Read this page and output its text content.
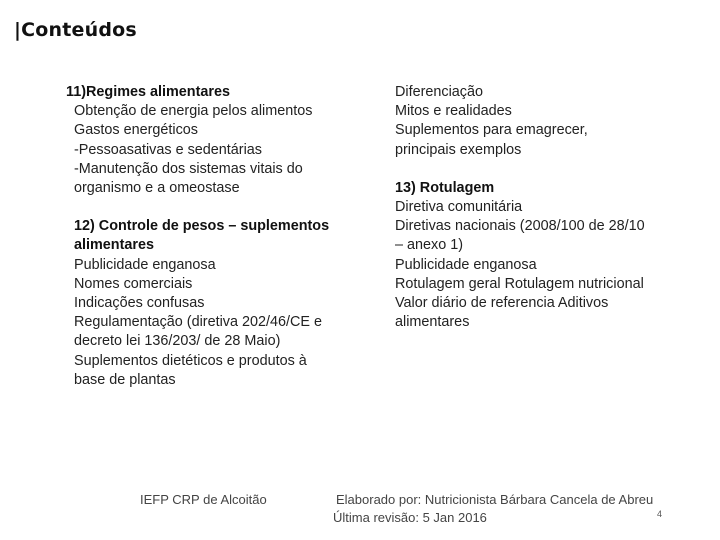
|Conteúdos
11)Regimes alimentares
Obtenção de energia pelos alimentos
Gastos energéticos
-Pessoasativas e sedentárias
-Manutenção dos sistemas vitais do
organismo e a omeostase
12) Controle de pesos – suplementos
alimentares
Publicidade enganosa
Nomes comerciais
Indicações confusas
Regulamentação (diretiva 202/46/CE e
decreto lei 136/203/ de 28 Maio)
Suplementos dietéticos e produtos à
base de plantas
Diferenciação
Mitos e realidades
Suplementos para emagrecer,
principais exemplos
13) Rotulagem
Diretiva comunitária
Diretivas nacionais (2008/100 de 28/10
– anexo 1)
Publicidade enganosa
Rotulagem geral Rotulagem nutricional
Valor diário de referencia Aditivos
alimentares
IEFP CRP de Alcoitão	Elaborado por: Nutricionista Bárbara Cancela de Abreu
Última revisão: 5 Jan 2016	4
